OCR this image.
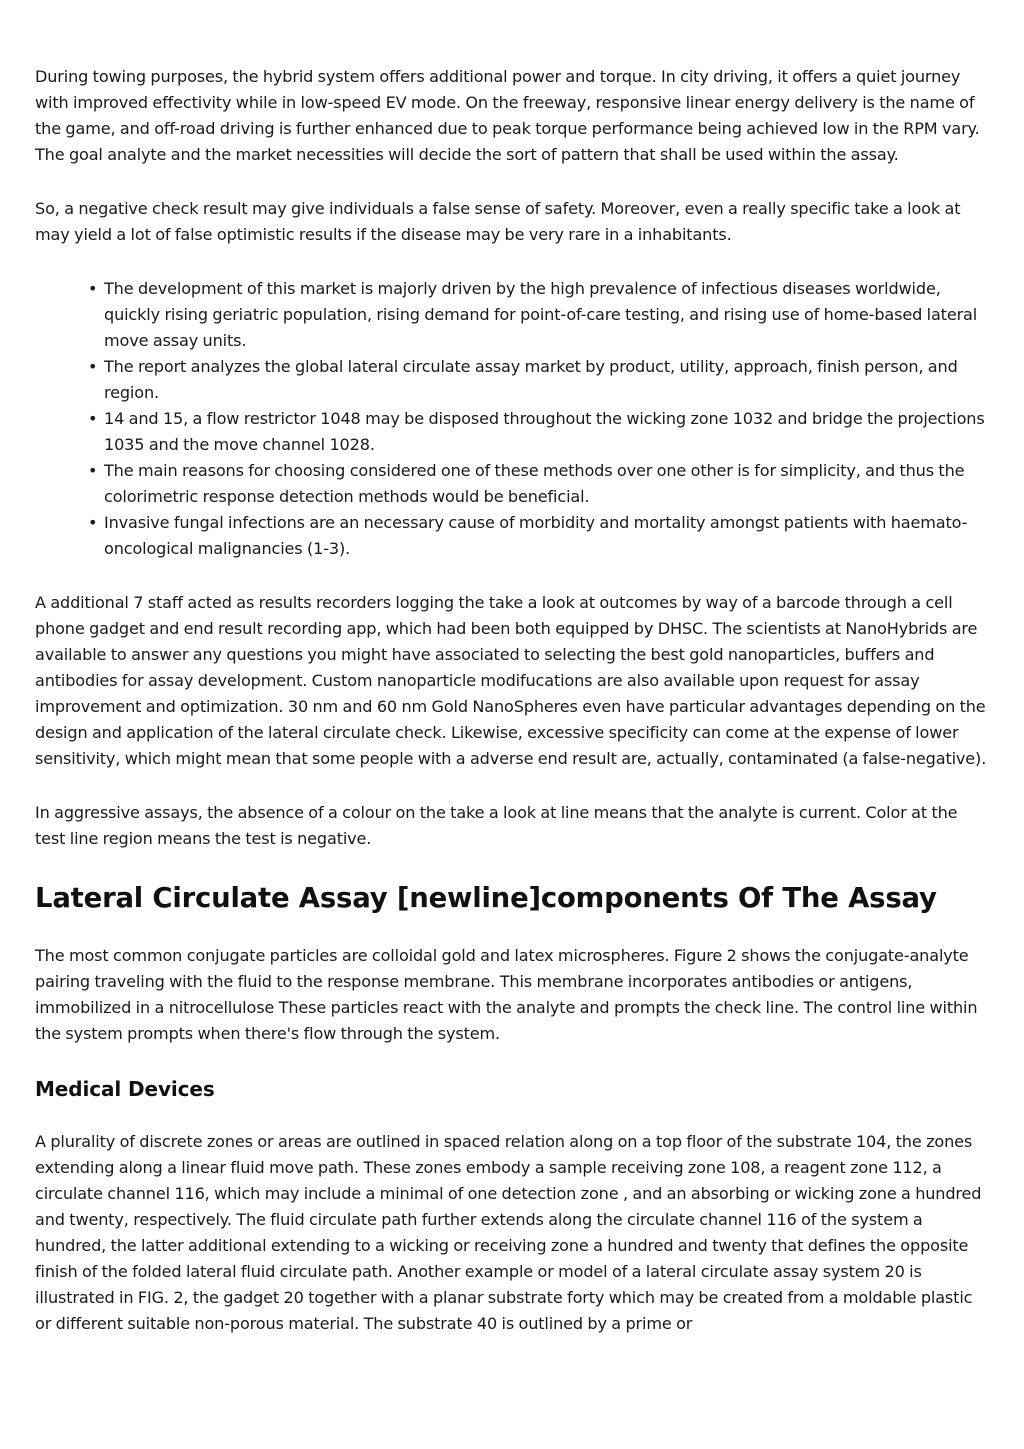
During towing purposes, the hybrid system offers additional power and torque. In city driving, it offers a quiet journey with improved effectivity while in low-speed EV mode. On the freeway, responsive linear energy delivery is the name of the game, and off-road driving is further enhanced due to peak torque performance being achieved low in the RPM vary. The goal analyte and the market necessities will decide the sort of pattern that shall be used within the assay.

So, a negative check result may give individuals a false sense of safety. Moreover, even a really specific take a look at may yield a lot of false optimistic results if the disease may be very rare in a inhabitants.

• The development of this market is majorly driven by the high prevalence of infectious diseases worldwide, quickly rising geriatric population, rising demand for point-of-care testing, and rising use of home-based lateral move assay units.
• The report analyzes the global lateral circulate assay market by product, utility, approach, finish person, and region.
• 14 and 15, a flow restrictor 1048 may be disposed throughout the wicking zone 1032 and bridge the projections 1035 and the move channel 1028.
• The main reasons for choosing considered one of these methods over one other is for simplicity, and thus the colorimetric response detection methods would be beneficial.
• Invasive fungal infections are an necessary cause of morbidity and mortality amongst patients with haemato-oncological malignancies (1-3).

A additional 7 staff acted as results recorders logging the take a look at outcomes by way of a barcode through a cell phone gadget and end result recording app, which had been both equipped by DHSC. The scientists at NanoHybrids are available to answer any questions you might have associated to selecting the best gold nanoparticles, buffers and antibodies for assay development. Custom nanoparticle modifucations are also available upon request for assay improvement and optimization. 30 nm and 60 nm Gold NanoSpheres even have particular advantages depending on the design and application of the lateral circulate check. Likewise, excessive specificity can come at the expense of lower sensitivity, which might mean that some people with a adverse end result are, actually, contaminated (a false-negative).

In aggressive assays, the absence of a colour on the take a look at line means that the analyte is current. Color at the test line region means the test is negative.

Lateral Circulate Assay [newline]components Of The Assay

The most common conjugate particles are colloidal gold and latex microspheres. Figure 2 shows the conjugate-analyte pairing traveling with the fluid to the response membrane. This membrane incorporates antibodies or antigens, immobilized in a nitrocellulose These particles react with the analyte and prompts the check line. The control line within the system prompts when there's flow through the system.

Medical Devices

A plurality of discrete zones or areas are outlined in spaced relation along on a top floor of the substrate 104, the zones extending along a linear fluid move path. These zones embody a sample receiving zone 108, a reagent zone 112, a circulate channel 116, which may include a minimal of one detection zone , and an absorbing or wicking zone a hundred and twenty, respectively. The fluid circulate path further extends along the circulate channel 116 of the system a hundred, the latter additional extending to a wicking or receiving zone a hundred and twenty that defines the opposite finish of the folded lateral fluid circulate path. Another example or model of a lateral circulate assay system 20 is illustrated in FIG. 2, the gadget 20 together with a planar substrate forty which may be created from a moldable plastic or different suitable non-porous material. The substrate 40 is outlined by a prime or
